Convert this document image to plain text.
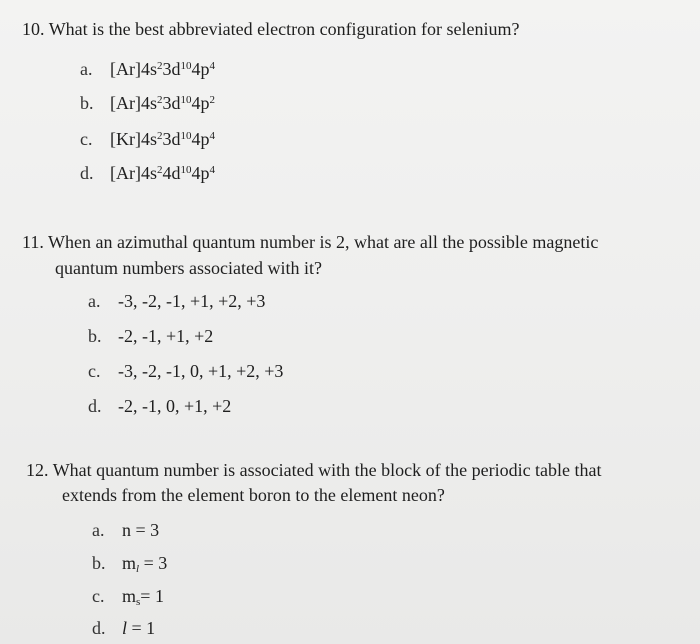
10. What is the best abbreviated electron configuration for selenium?
a. $[Ar]4s^23d^{10}4p^4$
b. $[Ar]4s^23d^{10}4p^2$
c. $[Kr]4s^23d^{10}4p^4$
d. $[Ar]4s^24d^{10}4p^4$
11. When an azimuthal quantum number is 2, what are all the possible magnetic
quantum numbers associated with it?
a. -3, -2, -1, +1, +2, +3
b. -2, -1, +1, +2
c. -3, -2, -1, 0, +1, +2, +3
d. -2, -1, 0, +1, +2
12. What quantum number is associated with the block of the periodic table that
extends from the element boron to the element neon?
a. n = 3
b. $m_l = 3$
c. $m_s= 1$
d. l = 1
